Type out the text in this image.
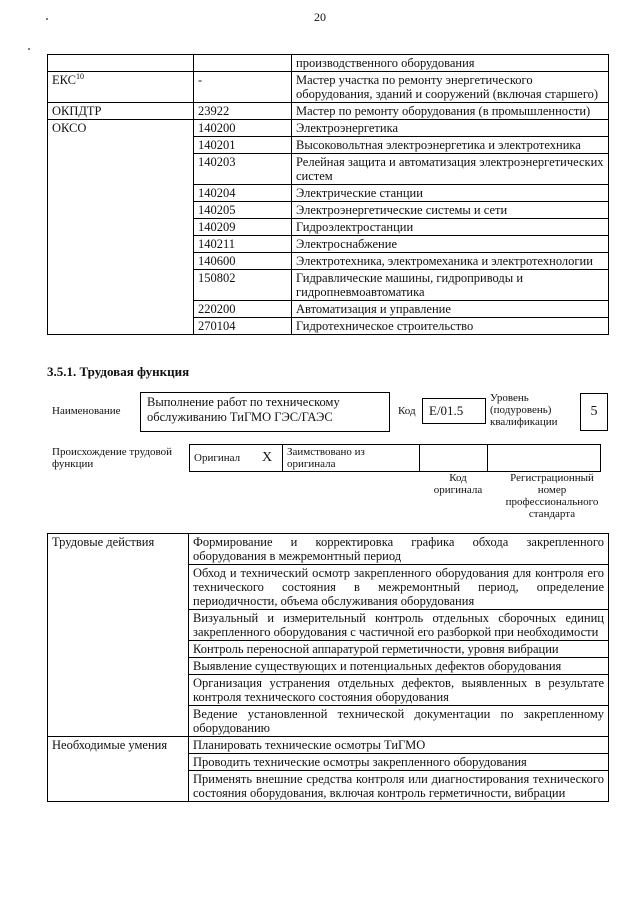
20
		производственного оборудования
ЕКС$^{10}$	-	Мастер участка по ремонту энергетического оборудования, зданий и сооружений (включая старшего)
ОКПДТР	23922	Мастер по ремонту оборудования (в промышленности)
ОКСО	140200	Электроэнергетика
	140201	Высоковольтная электроэнергетика и электротехника
	140203	Релейная защита и автоматизация электроэнергетических систем
	140204	Электрические станции
	140205	Электроэнергетические системы и сети
	140209	Гидроэлектростанции
	140211	Электроснабжение
	140600	Электротехника, электромеханика и электротехнологии
	150802	Гидравлические машины, гидроприводы и гидропневмоавтоматика
	220200	Автоматизация и управление
	270104	Гидротехническое строительство
3.5.1. Трудовая функция
Наименование
Выполнение работ по техническому обслуживанию ТиГМО ГЭС/ГАЭС	Код	E/01.5
Уровень (подуровень) квалификации
5
Происхождение трудовой функции	Оригинал	X	Заимствовано из оригинала		
Код оригинала
Регистрационный номер профессионального стандарта
Трудовые действия	Формирование и корректировка графика обхода закрепленного оборудования в межремонтный период
	Обход и технический осмотр закрепленного оборудования для контроля его технического состояния в межремонтный период, определение периодичности, объема обслуживания оборудования
	Визуальный и измерительный контроль отдельных сборочных единиц закрепленного оборудования с частичной его разборкой при необходимости
	Контроль переносной аппаратурой герметичности, уровня вибрации
	Выявление существующих и потенциальных дефектов оборудования
	Организация устранения отдельных дефектов, выявленных в результате контроля технического состояния оборудования
	Ведение установленной технической документации по закрепленному оборудованию
Необходимые умения	Планировать технические осмотры ТиГМО
	Проводить технические осмотры закрепленного оборудования
	Применять внешние средства контроля или диагностирования технического состояния оборудования, включая контроль герметичности, вибрации
